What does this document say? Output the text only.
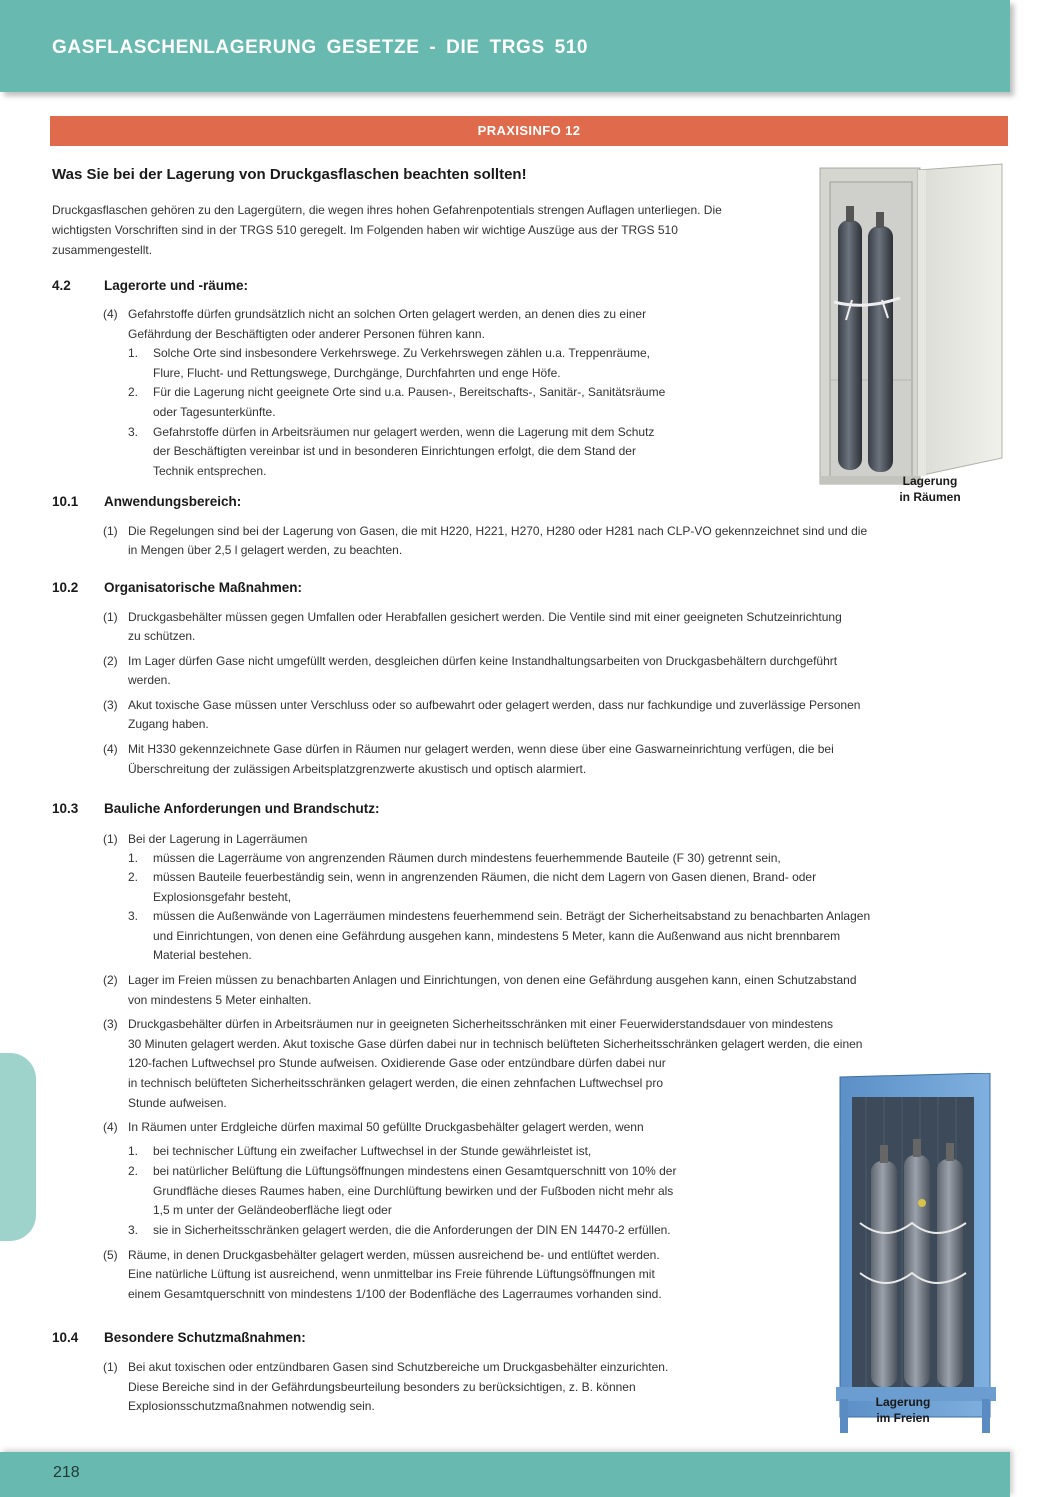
GASFLASCHENLAGERUNG GESETZE - DIE TRGS 510
PRAXISINFO 12
Was Sie bei der Lagerung von Druckgasflaschen beachten sollten!
Druckgasflaschen gehören zu den Lagergütern, die wegen ihres hohen Gefahrenpotentials strengen Auflagen unterliegen. Die wichtigsten Vorschriften sind in der TRGS 510 geregelt. Im Folgenden haben wir wichtige Auszüge aus der TRGS 510 zusammengestellt.
4.2 Lagerorte und -räume:
10.1 Anwendungsbereich:
10.2 Organisatorische Maßnahmen:
10.3 Bauliche Anforderungen und Brandschutz:
10.4 Besondere Schutzmaßnahmen:
(4)
1.
2.
3.
(1)
(1)
(2)
(3)
(4)
(1)
1.
2.
3.
(2)
(3)
(4)
1.
2.
3.
(5)
(1)
Gefahrstoffe dürfen grundsätzlich nicht an solchen Orten gelagert werden, an denen dies zu einer
Gefährdung der Beschäftigten oder anderer Personen führen kann.
Solche Orte sind insbesondere Verkehrswege. Zu Verkehrswegen zählen u.a. Treppenräume,
Flure, Flucht- und Rettungswege, Durchgänge, Durchfahrten und enge Höfe.
Für die Lagerung nicht geeignete Orte sind u.a. Pausen-, Bereitschafts-, Sanitär-, Sanitätsräume
oder Tagesunterkünfte.
Gefahrstoffe dürfen in Arbeitsräumen nur gelagert werden, wenn die Lagerung mit dem Schutz
der Beschäftigten vereinbar ist und in besonderen Einrichtungen erfolgt, die dem Stand der
Technik entsprechen.
Die Regelungen sind bei der Lagerung von Gasen, die mit H220, H221, H270, H280 oder H281 nach CLP-VO gekennzeichnet sind und die
in Mengen über 2,5 l gelagert werden, zu beachten.
Druckgasbehälter müssen gegen Umfallen oder Herabfallen gesichert werden. Die Ventile sind mit einer geeigneten Schutzeinrichtung
zu schützen.
Im Lager dürfen Gase nicht umgefüllt werden, desgleichen dürfen keine Instandhaltungsarbeiten von Druckgasbehältern durchgeführt
werden.
Akut toxische Gase müssen unter Verschluss oder so aufbewahrt oder gelagert werden, dass nur fachkundige und zuverlässige Personen
Zugang haben.
Mit H330 gekennzeichnete Gase dürfen in Räumen nur gelagert werden, wenn diese über eine Gaswarneinrichtung verfügen, die bei
Überschreitung der zulässigen Arbeitsplatzgrenzwerte akustisch und optisch alarmiert.
Bei der Lagerung in Lagerräumen
müssen die Lagerräume von angrenzenden Räumen durch mindestens feuerhemmende Bauteile (F 30) getrennt sein,
müssen Bauteile feuerbeständig sein, wenn in angrenzenden Räumen, die nicht dem Lagern von Gasen dienen, Brand- oder
Explosionsgefahr besteht,
müssen die Außenwände von Lagerräumen mindestens feuerhemmend sein. Beträgt der Sicherheitsabstand zu benachbarten Anlagen
und Einrichtungen, von denen eine Gefährdung ausgehen kann, mindestens 5 Meter, kann die Außenwand aus nicht brennbarem
Material bestehen.
Lager im Freien müssen zu benachbarten Anlagen und Einrichtungen, von denen eine Gefährdung ausgehen kann, einen Schutzabstand
von mindestens 5 Meter einhalten.
Druckgasbehälter dürfen in Arbeitsräumen nur in geeigneten Sicherheitsschränken mit einer Feuerwiderstandsdauer von mindestens
30 Minuten gelagert werden. Akut toxische Gase dürfen dabei nur in technisch belüfteten Sicherheitsschränken gelagert werden, die einen
120-fachen Luftwechsel pro Stunde aufweisen. Oxidierende Gase oder entzündbare dürfen dabei nur
in technisch belüfteten Sicherheitsschränken gelagert werden, die einen zehnfachen Luftwechsel pro
Stunde aufweisen.
In Räumen unter Erdgleiche dürfen maximal 50 gefüllte Druckgasbehälter gelagert werden, wenn
bei technischer Lüftung ein zweifacher Luftwechsel in der Stunde gewährleistet ist,
bei natürlicher Belüftung die Lüftungsöffnungen mindestens einen Gesamtquerschnitt von 10% der
Grundfläche dieses Raumes haben, eine Durchlüftung bewirken und der Fußboden nicht mehr als
1,5 m unter der Geländeoberfläche liegt oder
sie in Sicherheitsschränken gelagert werden, die die Anforderungen der DIN EN 14470-2 erfüllen.
Räume, in denen Druckgasbehälter gelagert werden, müssen ausreichend be- und entlüftet werden.
Eine natürliche Lüftung ist ausreichend, wenn unmittelbar ins Freie führende Lüftungsöffnungen mit
einem Gesamtquerschnitt von mindestens 1/100 der Bodenfläche des Lagerraumes vorhanden sind.
Bei akut toxischen oder entzündbaren Gasen sind Schutzbereiche um Druckgasbehälter einzurichten.
Diese Bereiche sind in der Gefährdungsbeurteilung besonders zu berücksichtigen, z. B. können
Explosionsschutzmaßnahmen notwendig sein.
Lagerung
in Räumen
Lagerung
im Freien
218
